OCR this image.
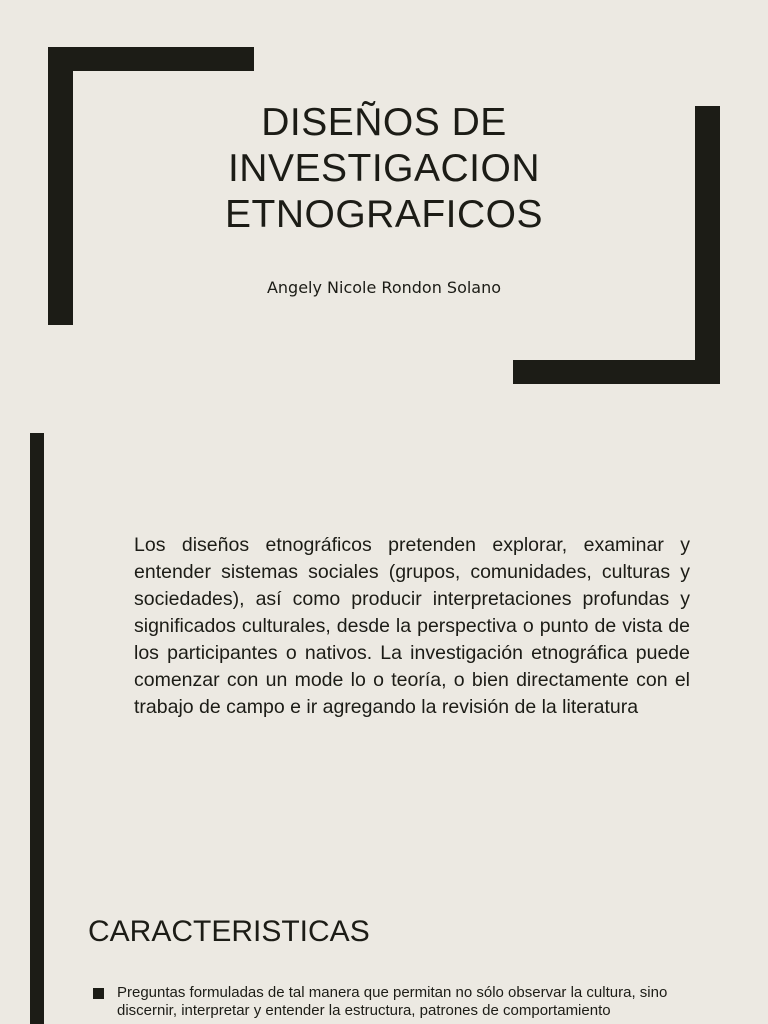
DISEÑOS DE INVESTIGACION ETNOGRAFICOS
Angely Nicole Rondon Solano

Los diseños etnográficos pretenden explorar, examinar y entender sistemas sociales (grupos, comunidades, culturas y sociedades), así como producir interpretaciones profundas y significados culturales, desde la perspectiva o punto de vista de los participantes o nativos. La investigación etnográfica puede comenzar con un mode lo o teoría, o bien directamente con el trabajo de campo e ir agregando la revisión de la literatura

CARACTERISTICAS
Preguntas formuladas de tal manera que permitan no sólo observar la cultura, sino discernir, interpretar y entender la estructura, patrones de comportamiento
